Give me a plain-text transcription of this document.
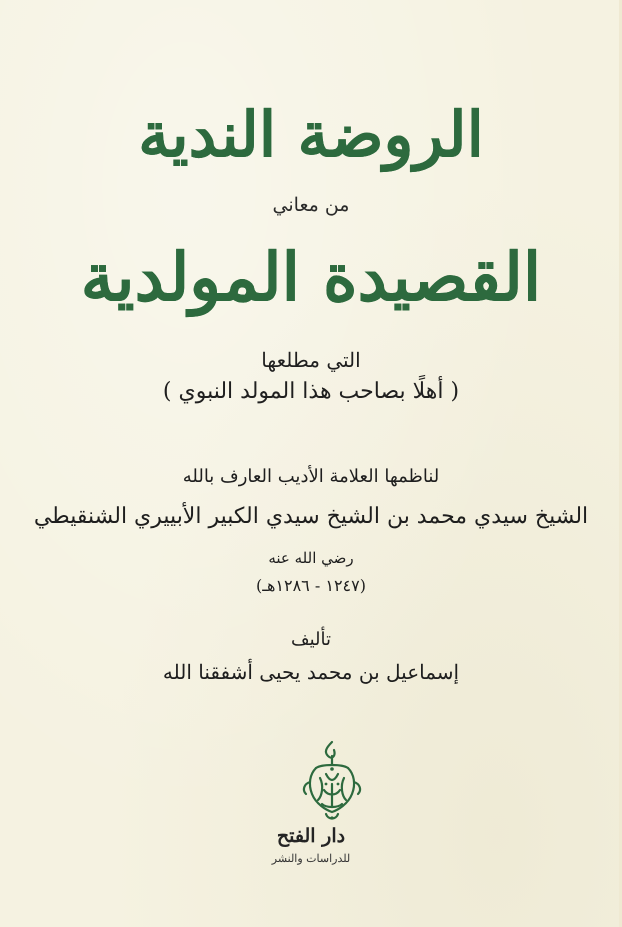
الروضة الندية
من معاني
القصيدة المولدية
التي مطلعها
( أهلًا بصاحب هذا المولد النبوي )
لناظمها العلامة الأديب العارف بالله
الشيخ سيدي محمد بن الشيخ سيدي الكبير الأبييري الشنقيطي
رضي الله عنه
(١٢٤٧ - ١٢٨٦هـ)
تأليف
إسماعيل بن محمد يحيى أشفقنا الله
دار الفتح
للدراسات والنشر
